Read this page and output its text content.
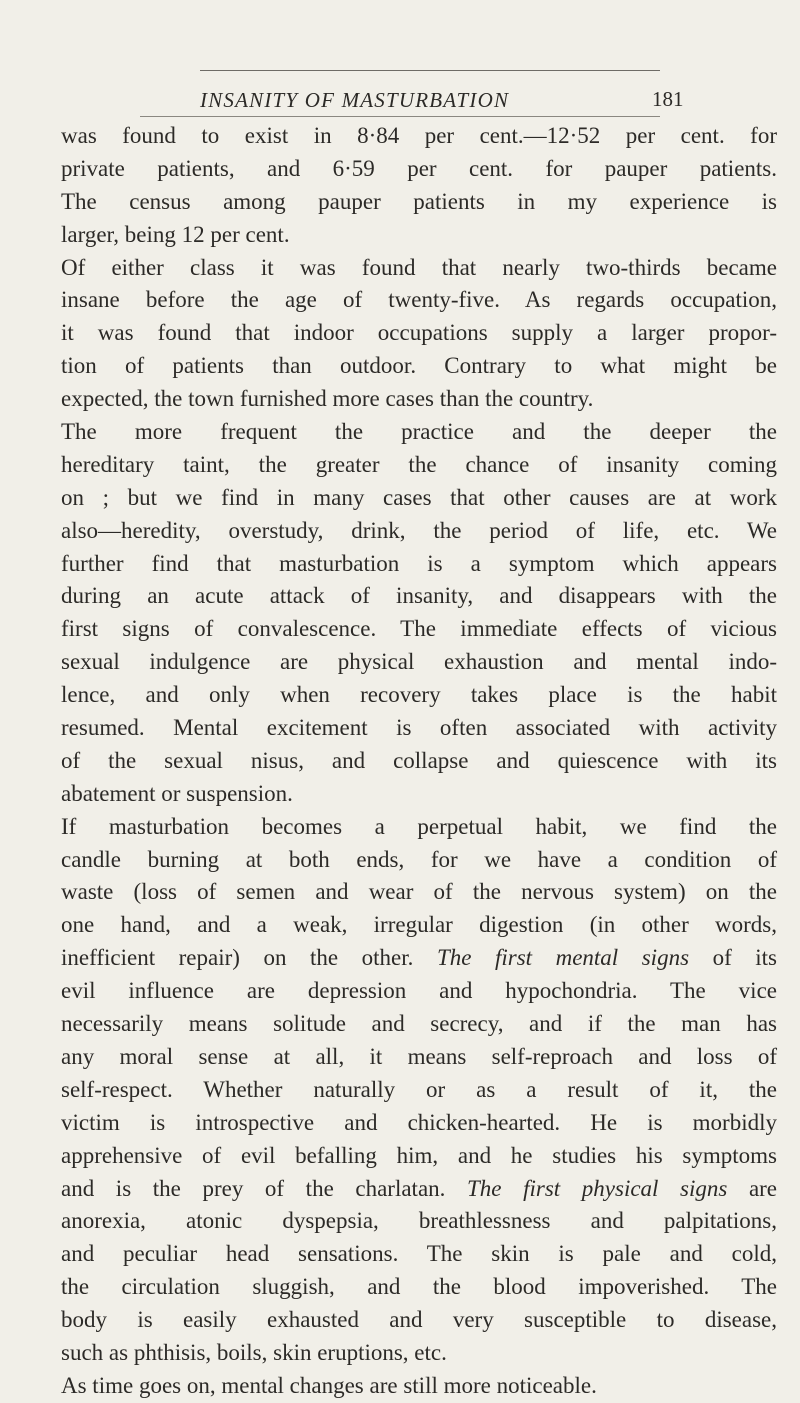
INSANITY OF MASTURBATION	181
was found to exist in 8·84 per cent.—12·52 per cent. for
private patients, and 6·59 per cent. for pauper patients.
The census among pauper patients in my experience is
larger, being 12 per cent.
Of either class it was found that nearly two-thirds became
insane before the age of twenty-five. As regards occupation,
it was found that indoor occupations supply a larger propor-
tion of patients than outdoor. Contrary to what might be
expected, the town furnished more cases than the country.
The more frequent the practice and the deeper the
hereditary taint, the greater the chance of insanity coming
on ; but we find in many cases that other causes are at work
also—heredity, overstudy, drink, the period of life, etc. We
further find that masturbation is a symptom which appears
during an acute attack of insanity, and disappears with the
first signs of convalescence. The immediate effects of vicious
sexual indulgence are physical exhaustion and mental indo-
lence, and only when recovery takes place is the habit
resumed. Mental excitement is often associated with activity
of the sexual nisus, and collapse and quiescence with its
abatement or suspension.
If masturbation becomes a perpetual habit, we find the
candle burning at both ends, for we have a condition of
waste (loss of semen and wear of the nervous system) on the
one hand, and a weak, irregular digestion (in other words,
inefficient repair) on the other. The first mental signs of its
evil influence are depression and hypochondria. The vice
necessarily means solitude and secrecy, and if the man has
any moral sense at all, it means self-reproach and loss of
self-respect. Whether naturally or as a result of it, the
victim is introspective and chicken-hearted. He is morbidly
apprehensive of evil befalling him, and he studies his symptoms
and is the prey of the charlatan. The first physical signs are
anorexia, atonic dyspepsia, breathlessness and palpitations,
and peculiar head sensations. The skin is pale and cold,
the circulation sluggish, and the blood impoverished. The
body is easily exhausted and very susceptible to disease,
such as phthisis, boils, skin eruptions, etc.
As time goes on, mental changes are still more noticeable.
